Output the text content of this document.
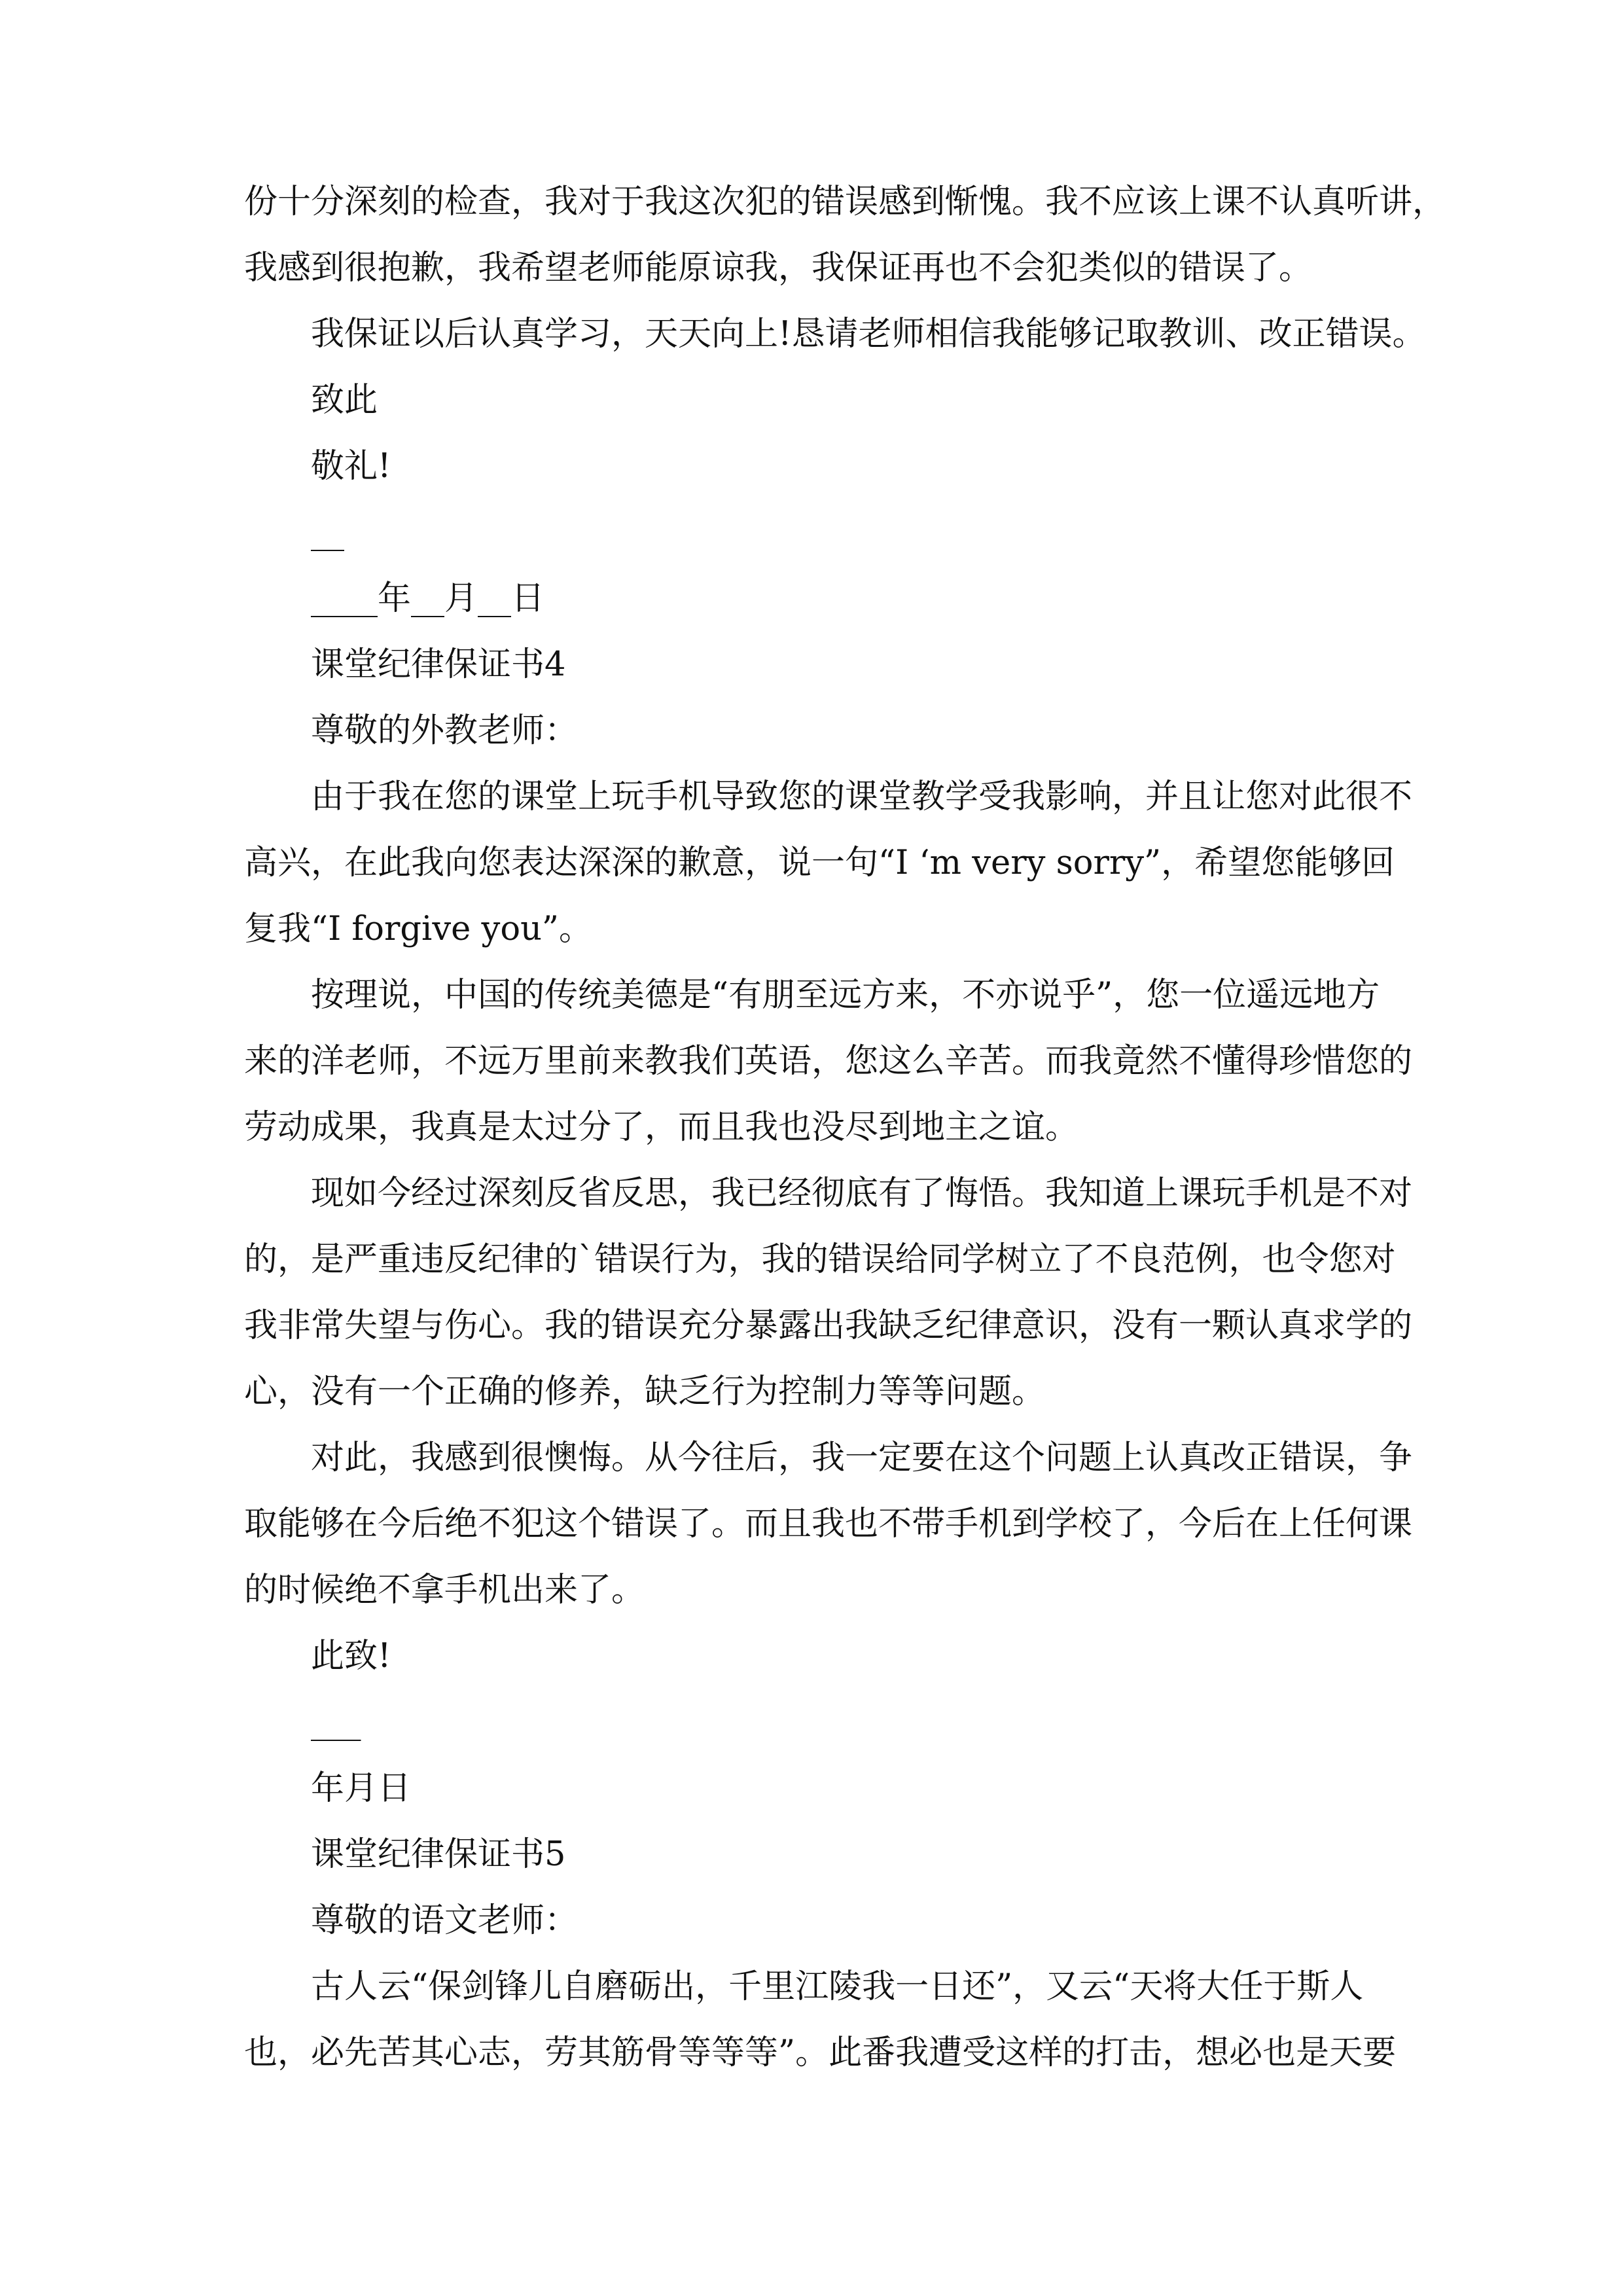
份十分深刻的检查，我对于我这次犯的错误感到惭愧。我不应该上课不认真听讲，
我感到很抱歉，我希望老师能原谅我，我保证再也不会犯类似的错误了。
我保证以后认真学习，天天向上!恳请老师相信我能够记取教训、改正错误。
致此
敬礼!
__
____年__月__日
课堂纪律保证书4
尊敬的外教老师：
由于我在您的课堂上玩手机导致您的课堂教学受我影响，并且让您对此很不
高兴，在此我向您表达深深的歉意，说一句“I ‘m very sorry”，希望您能够回
复我“I forgive you”。
按理说，中国的传统美德是“有朋至远方来，不亦说乎”，您一位遥远地方
来的洋老师，不远万里前来教我们英语，您这么辛苦。而我竟然不懂得珍惜您的
劳动成果，我真是太过分了，而且我也没尽到地主之谊。
现如今经过深刻反省反思，我已经彻底有了悔悟。我知道上课玩手机是不对
的，是严重违反纪律的`错误行为，我的错误给同学树立了不良范例，也令您对
我非常失望与伤心。我的错误充分暴露出我缺乏纪律意识，没有一颗认真求学的
心，没有一个正确的修养，缺乏行为控制力等等问题。
对此，我感到很懊悔。从今往后，我一定要在这个问题上认真改正错误，争
取能够在今后绝不犯这个错误了。而且我也不带手机到学校了，今后在上任何课
的时候绝不拿手机出来了。
此致!
___
年月日
课堂纪律保证书5
尊敬的语文老师：
古人云“保剑锋儿自磨砺出，千里江陵我一日还”，又云“天将大任于斯人
也，必先苦其心志，劳其筋骨等等等”。此番我遭受这样的打击，想必也是天要
